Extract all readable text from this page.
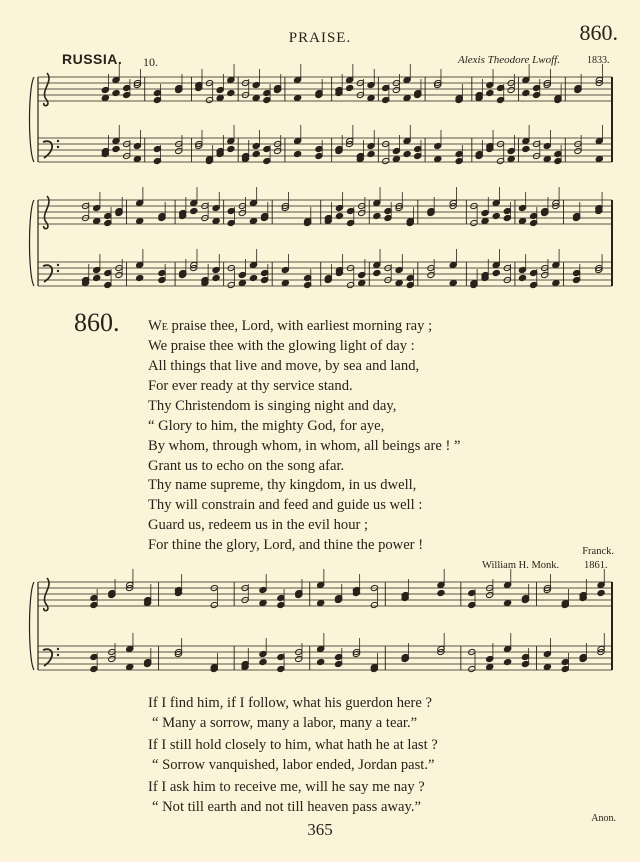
PRAISE.	860.
RUSSIA. 10.	Alexis Theodore Lwoff.	1833.
860. We praise thee, Lord, with earliest morning ray ;
We praise thee with the glowing light of day :
All things that live and move, by sea and land,
For ever ready at thy service stand.
Thy Christendom is singing night and day,
“ Glory to him, the mighty God, for aye,
By whom, through whom, in whom, all beings are ! ”
Grant us to echo on the song afar.
Thy name supreme, thy kingdom, in us dwell,
Thy will constrain and feed and guide us well :
Guard us, redeem us in the evil hour ;
For thine the glory, Lord, and thine the power !	Franck.
William H. Monk. 1861.
If I find him, if I follow, what his guerdon here ?
“ Many a sorrow, many a labor, many a tear.”
If I still hold closely to him, what hath he at last ?
“ Sorrow vanquished, labor ended, Jordan past.”
If I ask him to receive me, will he say me nay ?
“ Not till earth and not till heaven pass away.”
Anon.
365
